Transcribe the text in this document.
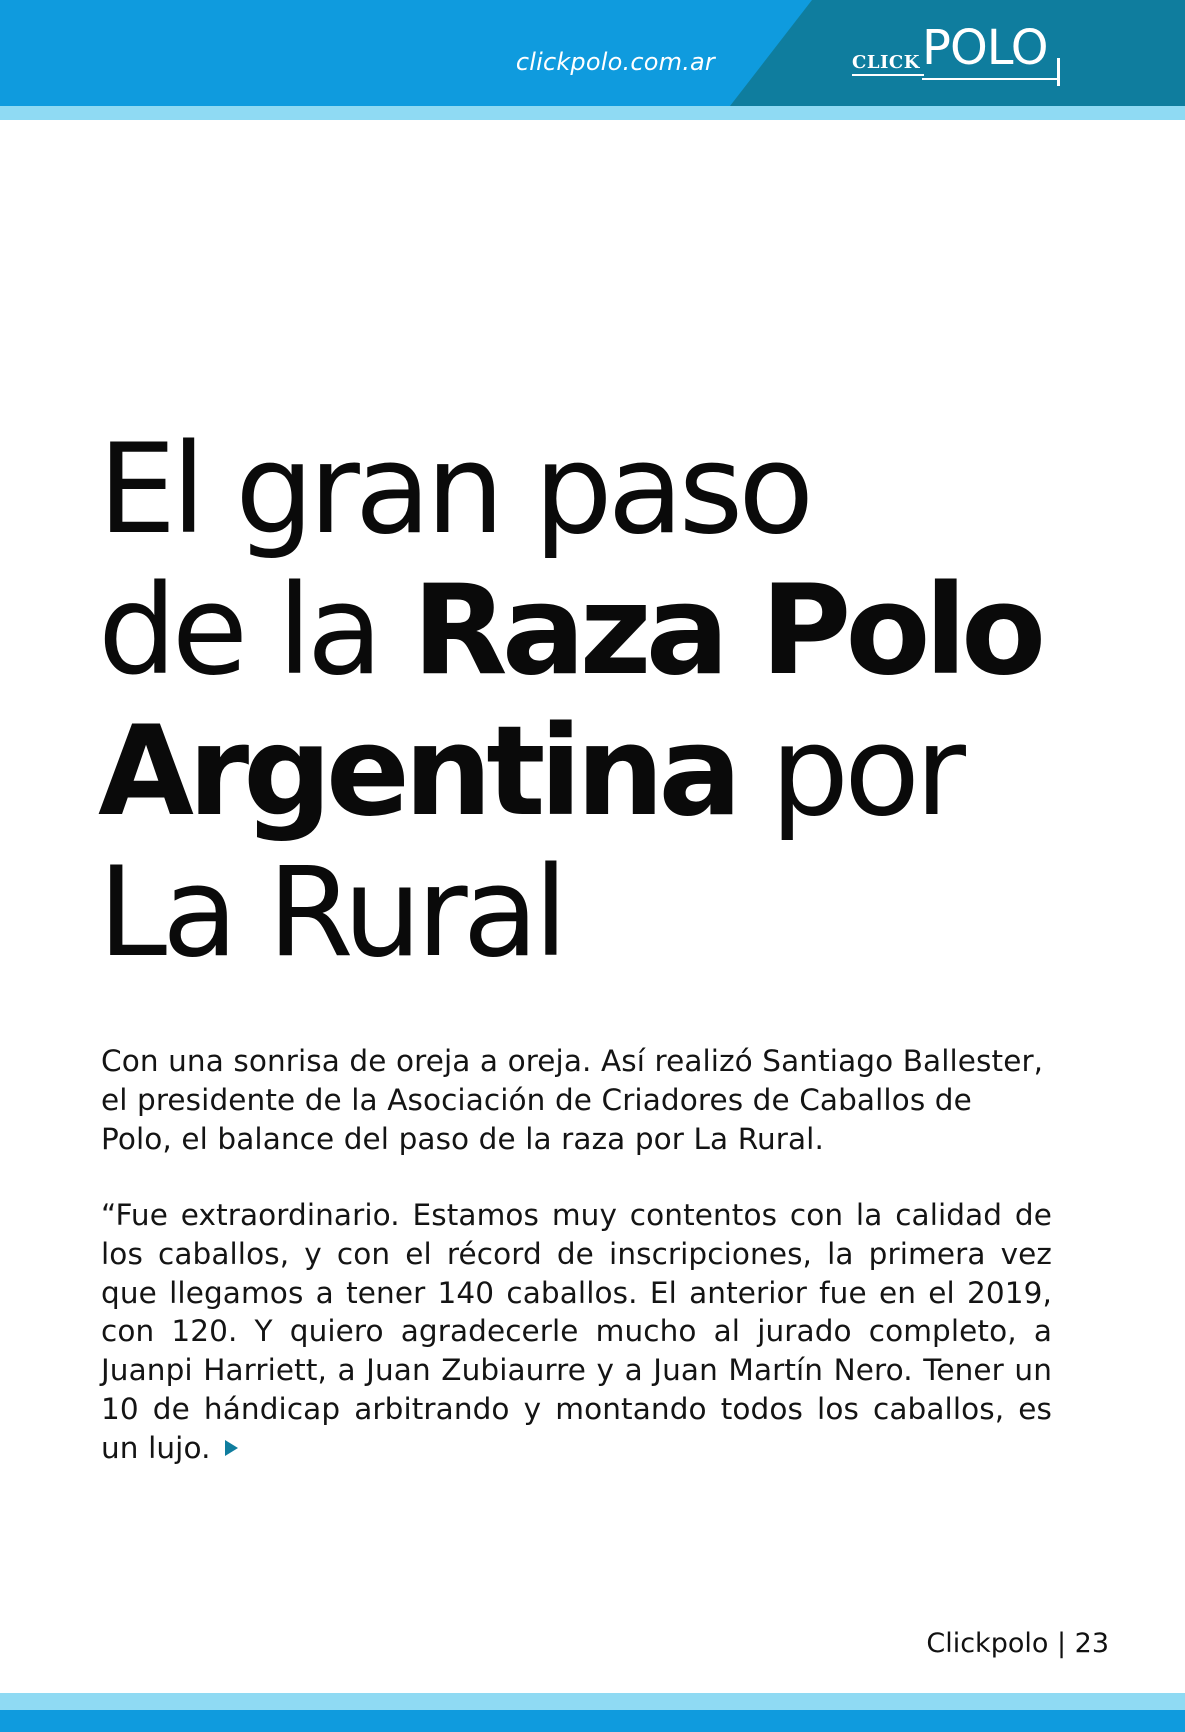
clickpolo.com.ar	CLICK POLO
El gran paso
de la Raza Polo
Argentina por
La Rural

Con una sonrisa de oreja a oreja. Así realizó Santiago Ballester, el presidente de la Asociación de Criadores de Caballos de Polo, el balance del paso de la raza por La Rural.

“Fue extraordinario. Estamos muy contentos con la calidad de los caballos, y con el récord de inscripciones, la primera vez que llegamos a tener 140 caballos. El anterior fue en el 2019, con 120. Y quiero agradecerle mucho al jurado completo, a Juanpi Harriett, a Juan Zubiaurre y a Juan Martín Nero. Tener un 10 de hándicap arbitrando y montando todos los caballos, es un lujo.

Clickpolo | 23
